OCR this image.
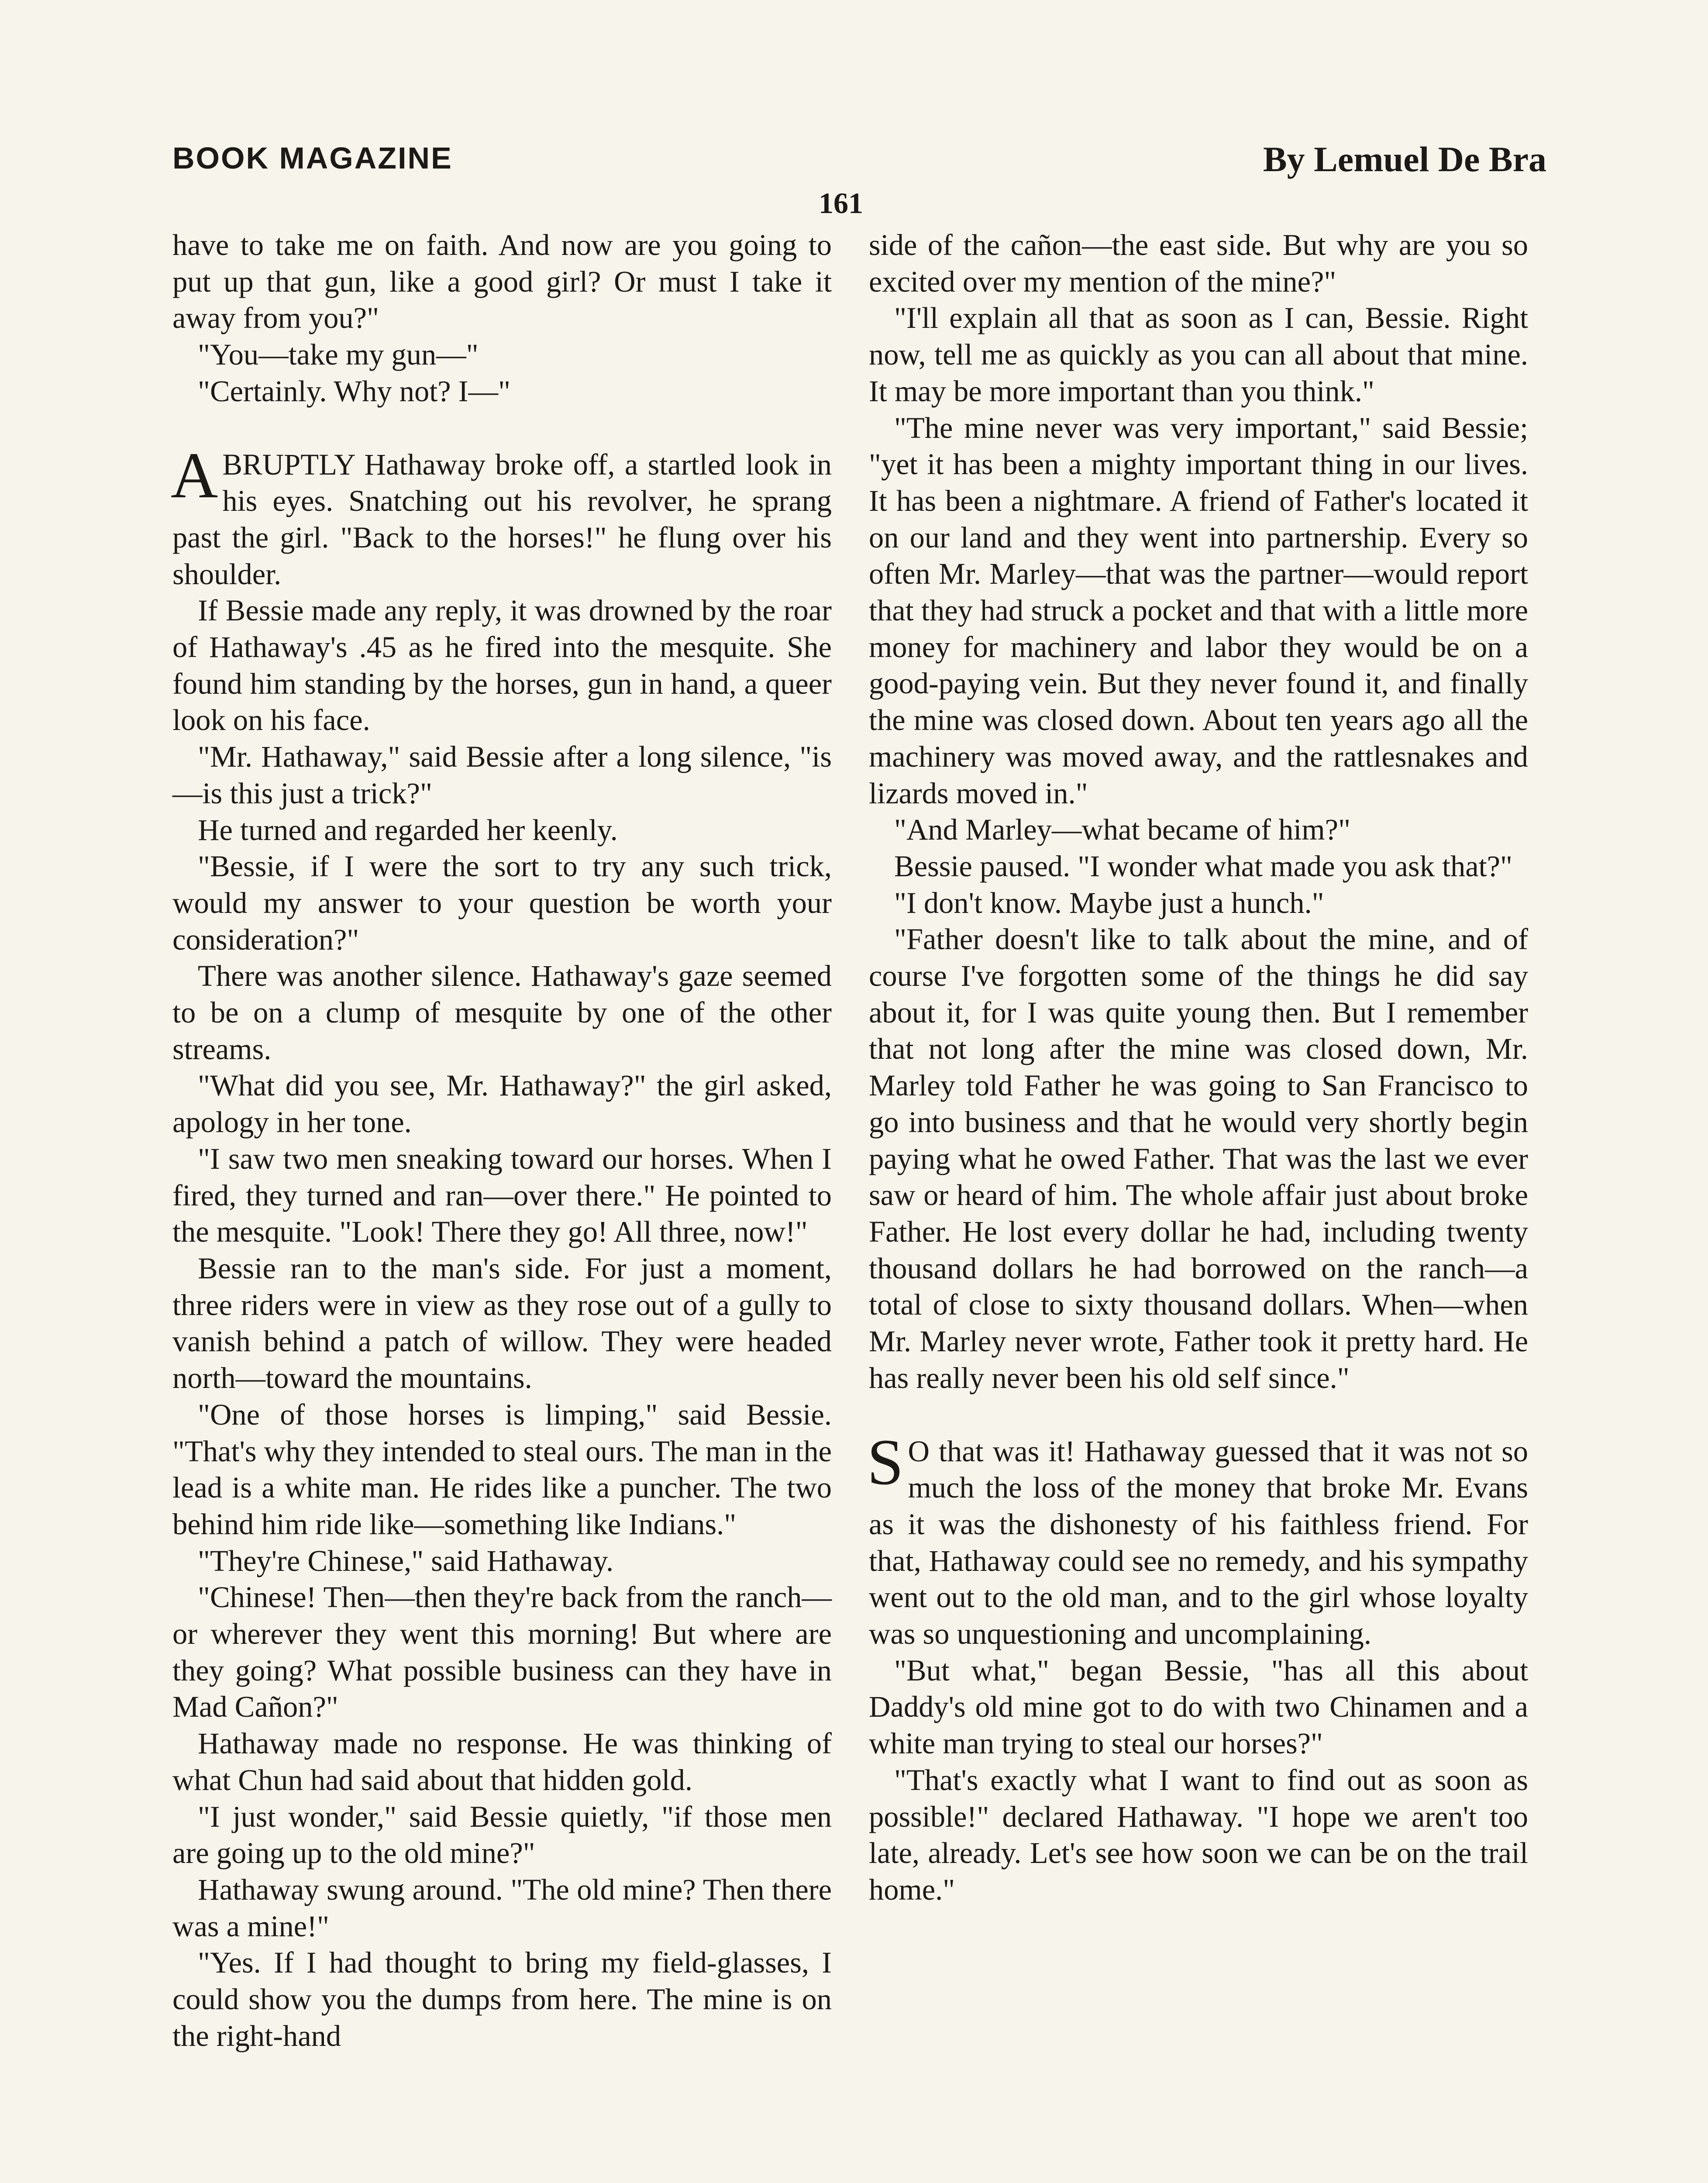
BOOK MAGAZINE	By Lemuel De Bra
161

have to take me on faith. And now are you going to put up that gun, like a good girl? Or must I take it away from you?"

"You—take my gun—"

"Certainly. Why not? I—"

ABRUPTLY Hathaway broke off, a startled look in his eyes. Snatching out his revolver, he sprang past the girl. "Back to the horses!" he flung over his shoulder.

If Bessie made any reply, it was drowned by the roar of Hathaway's .45 as he fired into the mesquite. She found him standing by the horses, gun in hand, a queer look on his face.

"Mr. Hathaway," said Bessie after a long silence, "is—is this just a trick?"

He turned and regarded her keenly.

"Bessie, if I were the sort to try any such trick, would my answer to your question be worth your consideration?"

There was another silence. Hathaway's gaze seemed to be on a clump of mesquite by one of the other streams.

"What did you see, Mr. Hathaway?" the girl asked, apology in her tone.

"I saw two men sneaking toward our horses. When I fired, they turned and ran—over there." He pointed to the mesquite. "Look! There they go! All three, now!"

Bessie ran to the man's side. For just a moment, three riders were in view as they rose out of a gully to vanish behind a patch of willow. They were headed north—toward the mountains.

"One of those horses is limping," said Bessie. "That's why they intended to steal ours. The man in the lead is a white man. He rides like a puncher. The two behind him ride like—something like Indians."

"They're Chinese," said Hathaway.

"Chinese! Then—then they're back from the ranch—or wherever they went this morning! But where are they going? What possible business can they have in Mad Cañon?"

Hathaway made no response. He was thinking of what Chun had said about that hidden gold.

"I just wonder," said Bessie quietly, "if those men are going up to the old mine?"

Hathaway swung around. "The old mine? Then there was a mine!"

"Yes. If I had thought to bring my field-glasses, I could show you the dumps from here. The mine is on the right-hand

side of the cañon—the east side. But why are you so excited over my mention of the mine?"

"I'll explain all that as soon as I can, Bessie. Right now, tell me as quickly as you can all about that mine. It may be more important than you think."

"The mine never was very important," said Bessie; "yet it has been a mighty important thing in our lives. It has been a nightmare. A friend of Father's located it on our land and they went into partnership. Every so often Mr. Marley—that was the partner—would report that they had struck a pocket and that with a little more money for machinery and labor they would be on a good-paying vein. But they never found it, and finally the mine was closed down. About ten years ago all the machinery was moved away, and the rattlesnakes and lizards moved in."

"And Marley—what became of him?"

Bessie paused. "I wonder what made you ask that?"

"I don't know. Maybe just a hunch."

"Father doesn't like to talk about the mine, and of course I've forgotten some of the things he did say about it, for I was quite young then. But I remember that not long after the mine was closed down, Mr. Marley told Father he was going to San Francisco to go into business and that he would very shortly begin paying what he owed Father. That was the last we ever saw or heard of him. The whole affair just about broke Father. He lost every dollar he had, including twenty thousand dollars he had borrowed on the ranch—a total of close to sixty thousand dollars. When—when Mr. Marley never wrote, Father took it pretty hard. He has really never been his old self since."

S O that was it! Hathaway guessed that it was not so much the loss of the money that broke Mr. Evans as it was the dishonesty of his faithless friend. For that, Hathaway could see no remedy, and his sympathy went out to the old man, and to the girl whose loyalty was so unquestioning and uncomplaining.

"But what," began Bessie, "has all this about Daddy's old mine got to do with two Chinamen and a white man trying to steal our horses?"

"That's exactly what I want to find out as soon as possible!" declared Hathaway. "I hope we aren't too late, already. Let's see how soon we can be on the trail home."
